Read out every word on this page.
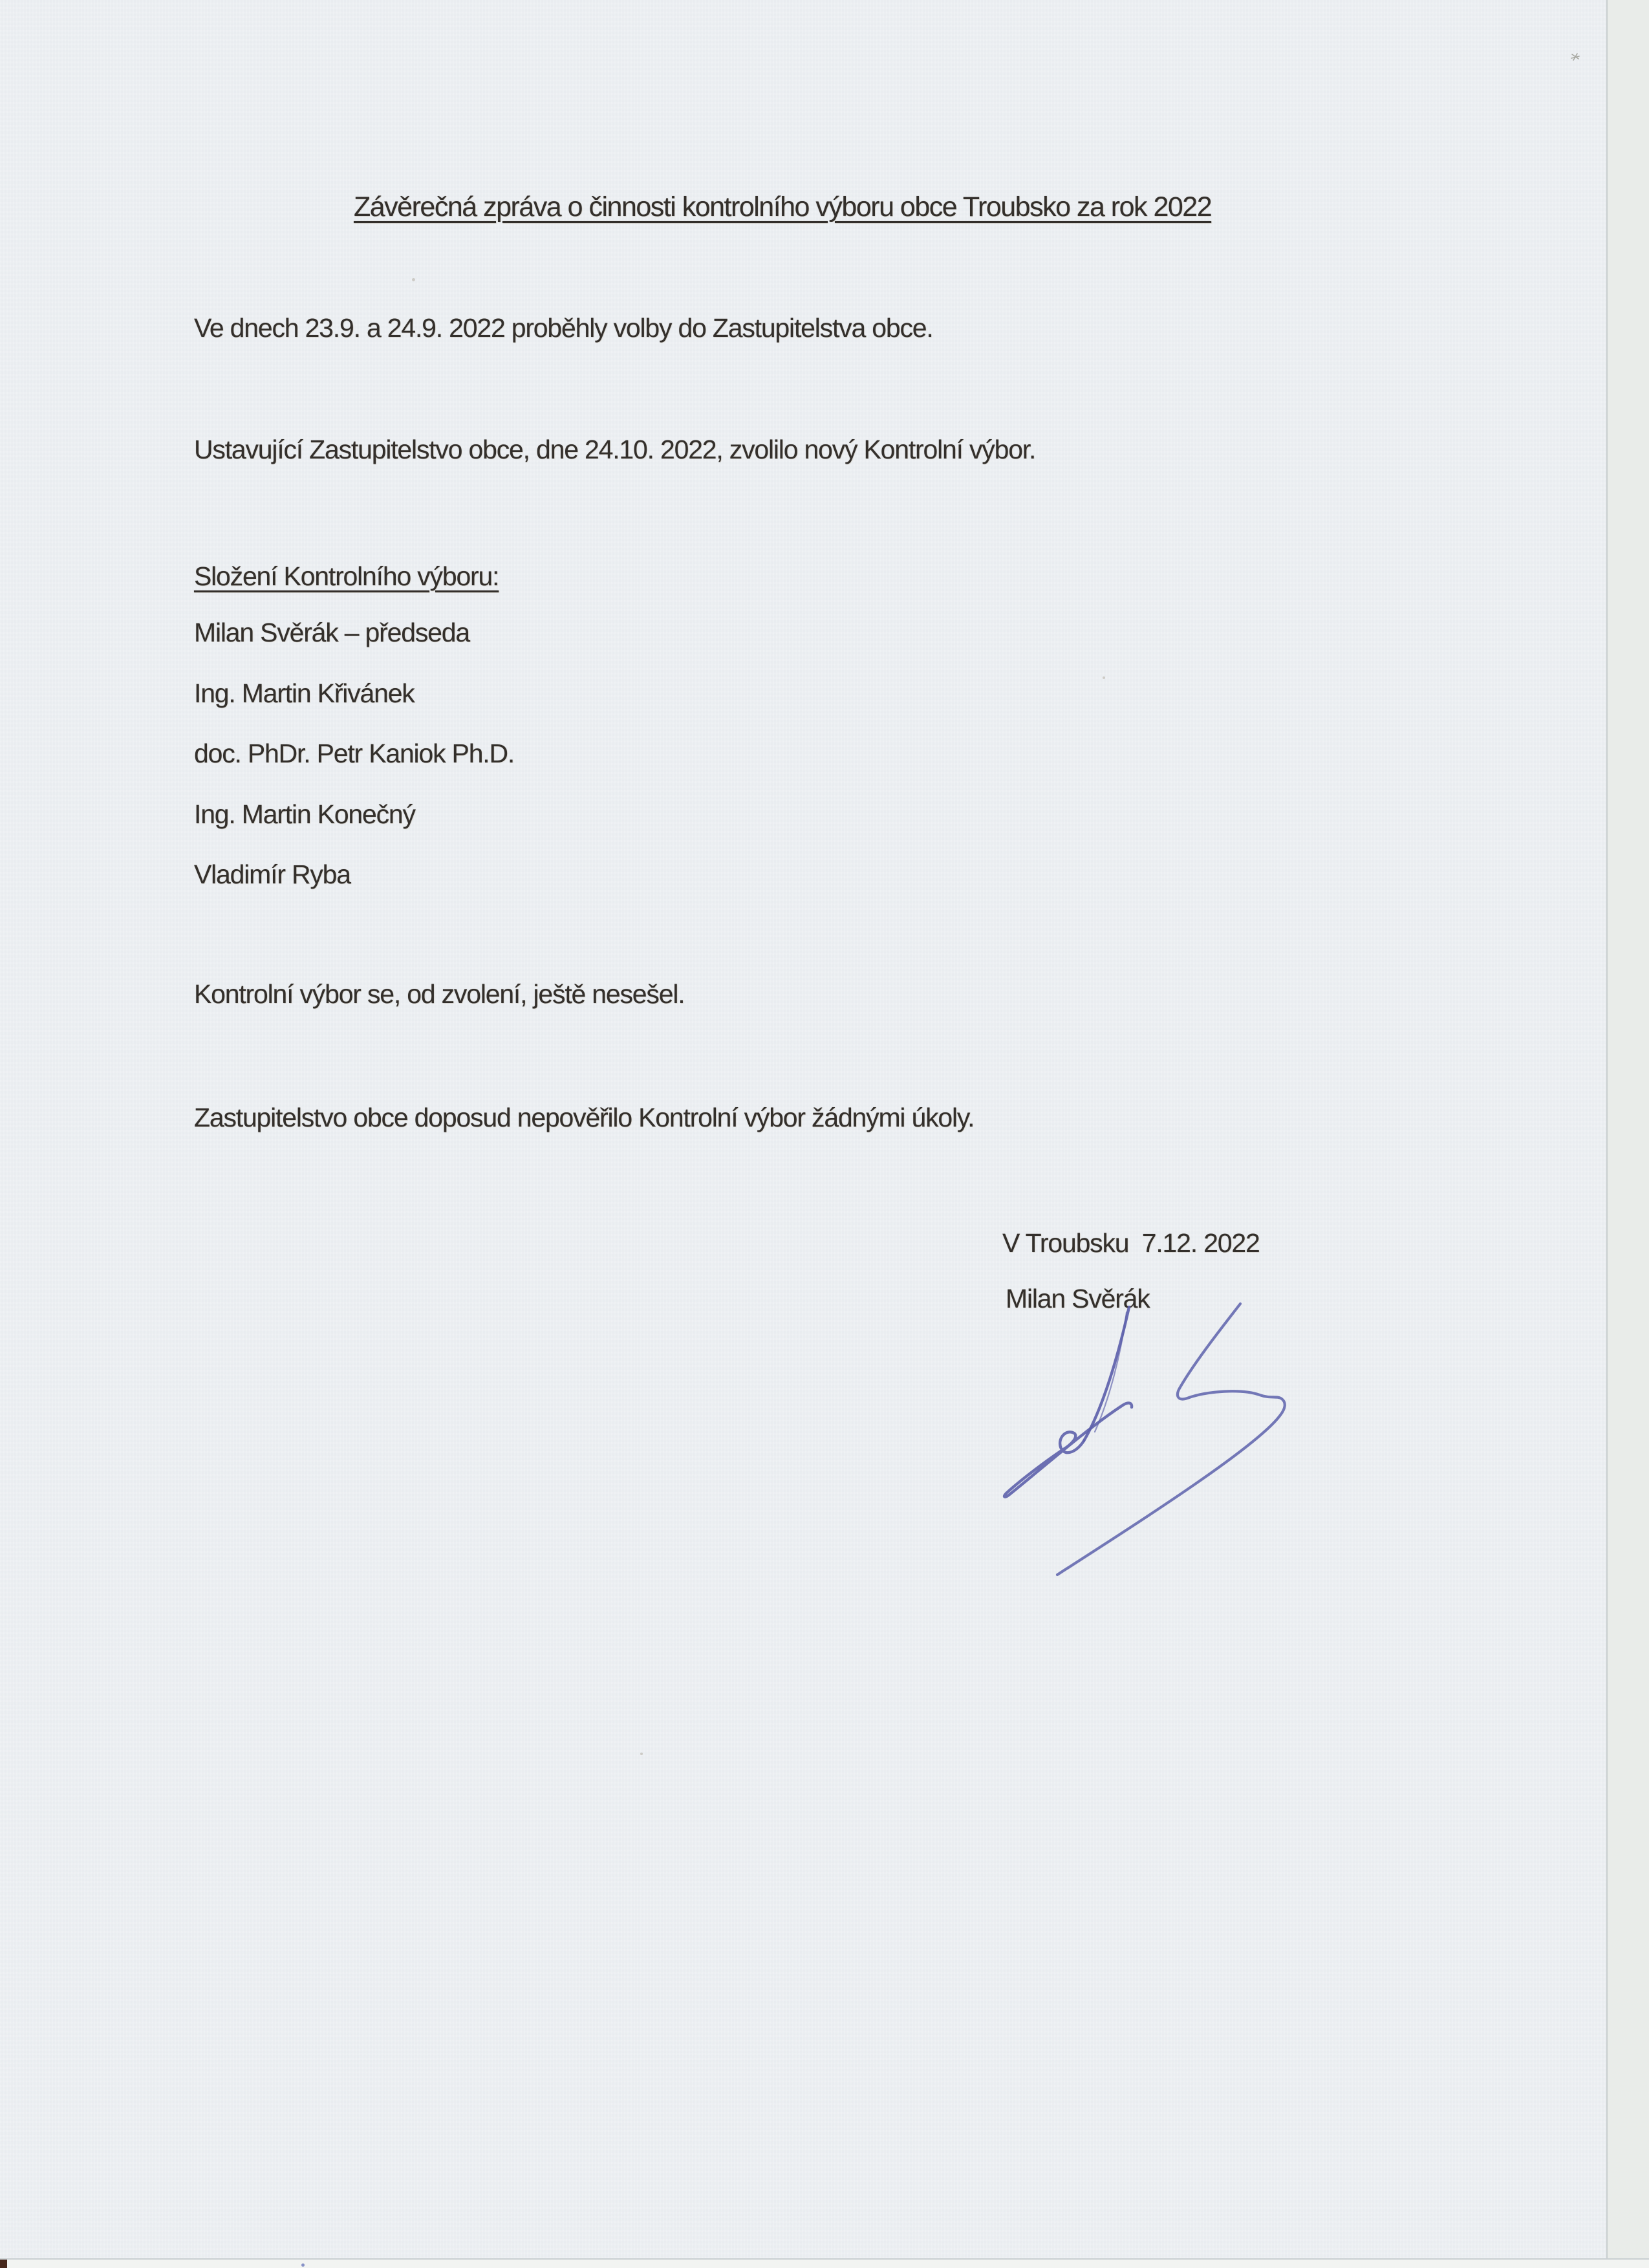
Závěrečná zpráva o činnosti kontrolního výboru obce Troubsko za rok 2022
Ve dnech 23.9. a 24.9. 2022 proběhly volby do Zastupitelstva obce.
Ustavující Zastupitelstvo obce, dne 24.10. 2022, zvolilo nový Kontrolní výbor.
Složení Kontrolního výboru:
Milan Svěrák – předseda
Ing. Martin Křivánek
doc. PhDr. Petr Kaniok Ph.D.
Ing. Martin Konečný
Vladimír Ryba
Kontrolní výbor se, od zvolení, ještě nesešel.
Zastupitelstvo obce doposud nepověřilo Kontrolní výbor žádnými úkoly.
V Troubsku  7.12. 2022
Milan Svěrák
